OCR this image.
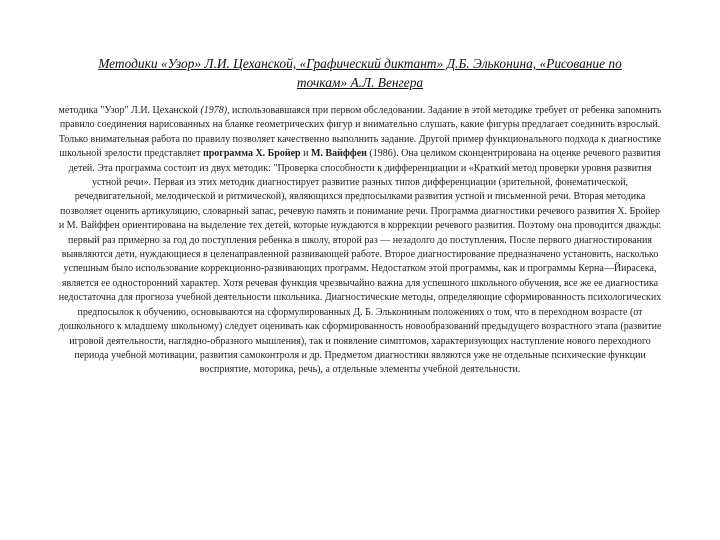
Методики «Узор» Л.И. Цеханской, «Графический диктант» Д.Б. Эльконина, «Рисование по
точкам» А.Л. Венгера
методика "Узор" Л.И. Цеханской (1978), использовавшаяся при первом обследовании. Задание в этой методике требует от ребенка запомнить правило соединения нарисованных на бланке геометрических фигур и внимательно слушать, какие фигуры предлагает соединить взрослый. Только внимательная работа по правилу позволяет качественно выполнить задание. Другой пример функционального подхода к диагностике школьной зрелости представляет программа Х. Бройер и М. Вайффен (1986). Она целиком сконцентрирована на оценке речевого развития детей. Эта программа состоит из двух методик: "Проверка способности к дифференциации и «Краткий метод проверки уровня развития устной речи». Первая из этих методик диагностирует развитие разных типов дифференциации (зрительной, фонематической, речедвигательной, мелодической и ритмической), являющихся предпосылками развития устной и письменной речи. Вторая методика позволяет оценить артикуляцию, словарный запас, речевую память и понимание речи. Программа диагностики речевого развития Х. Бройер и М. Вайффен ориентирована на выделение тех детей, которые нуждаются в коррекции речевого развития. Поэтому она проводится дважды: первый раз примерно за год до поступления ребенка в школу, второй раз — незадолго до поступления. После первого диагностирования выявляются дети, нуждающиеся в целенаправленной развивающей работе. Второе диагностирование предназначено установить, насколько успешным было использование коррекционно-развивающих программ. Недостатком этой программы, как и программы Керна—Йирасека, является ее односторонний характер. Хотя речевая функция чрезвычайно важна для успешного школьного обучения, все же ее диагностика недостаточна для прогноза учебной деятельности школьника. Диагностические методы, определяющие сформированность психологических предпосылок к обучению, основываются на сформулированных Д. Б. Элькониным положениях о том, что в переходном возрасте (от дошкольного к младшему школьному) следует оценивать как сформированность новообразований предыдущего возрастного этапа (развитие игровой деятельности, наглядно-образного мышления), так и появление симптомов, характеризующих наступление нового переходного периода учебной мотивации, развития самоконтроля и др. Предметом диагностики являются уже не отдельные психические функции восприятие, моторика, речь), а отдельные элементы учебной деятельности.
